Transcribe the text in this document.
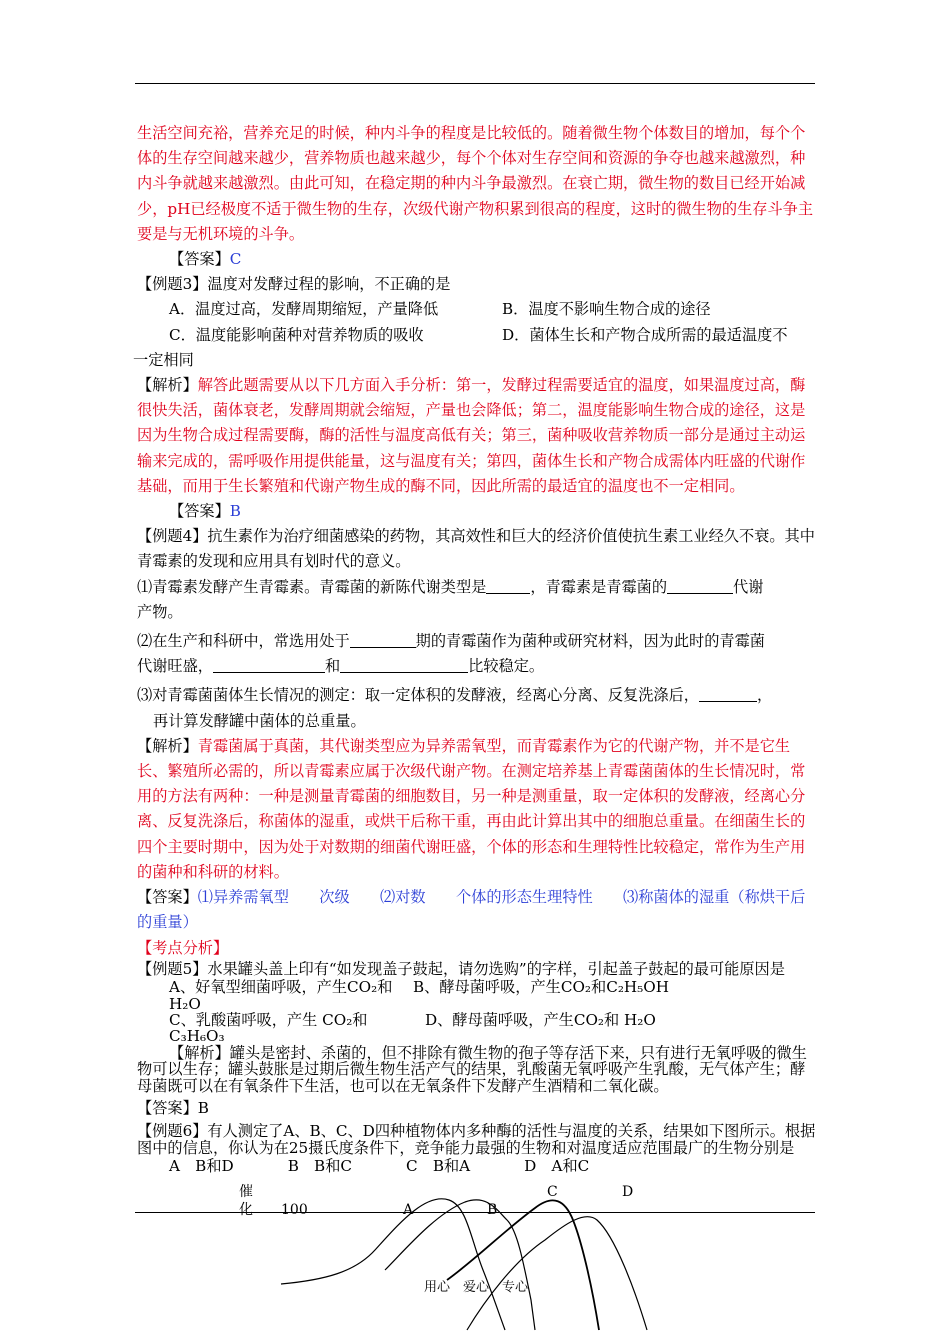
生活空间充裕，营养充足的时候，种内斗争的程度是比较低的。随着微生物个体数目的增加，每个个体的生存空间越来越少，营养物质也越来越少，每个个体对生存空间和资源的争夺也越来越激烈，种内斗争就越来越激烈。由此可知，在稳定期的种内斗争最激烈。在衰亡期，微生物的数目已经开始减少，pH已经极度不适于微生物的生存，次级代谢产物积累到很高的程度，这时的微生物的生存斗争主要是与无机环境的斗争。

【答案】C

【例题3】温度对发酵过程的影响，不正确的是

A．温度过高，发酵周期缩短，产量降低	B．温度不影响生物合成的途径
C．温度能影响菌种对营养物质的吸收	D．菌体生长和产物合成所需的最适温度不

一定相同

【解析】解答此题需要从以下几方面入手分析：第一，发酵过程需要适宜的温度，如果温度过高，酶很快失活，菌体衰老，发酵周期就会缩短，产量也会降低；第二，温度能影响生物合成的途径，这是因为生物合成过程需要酶，酶的活性与温度高低有关；第三，菌种吸收营养物质一部分是通过主动运输来完成的，需呼吸作用提供能量，这与温度有关；第四，菌体生长和产物合成需体内旺盛的代谢作基础，而用于生长繁殖和代谢产物生成的酶不同，因此所需的最适宜的温度也不一定相同。

【答案】B

【例题4】抗生素作为治疗细菌感染的药物，其高效性和巨大的经济价值使抗生素工业经久不衰。其中青霉素的发现和应用具有划时代的意义。

⑴青霉素发酵产生青霉素。青霉菌的新陈代谢类型是	，青霉素是青霉菌的	代谢
产物。

⑵在生产和科研中，常选用处于	期的青霉菌作为菌种或研究材料，因为此时的青霉菌
代谢旺盛，	和	比较稳定。

⑶对青霉菌菌体生长情况的测定：取一定体积的发酵液，经离心分离、反复洗涤后，	，
再计算发酵罐中菌体的总重量。

【解析】青霉菌属于真菌，其代谢类型应为异养需氧型，而青霉素作为它的代谢产物，并不是它生长、繁殖所必需的，所以青霉素应属于次级代谢产物。在测定培养基上青霉菌菌体的生长情况时，常用的方法有两种：一种是测量青霉菌的细胞数目，另一种是测重量，取一定体积的发酵液，经离心分离、反复洗涤后，称菌体的湿重，或烘干后称干重，再由此计算出其中的细胞总重量。在细菌生长的四个主要时期中，因为处于对数期的细菌代谢旺盛，个体的形态和生理特性比较稳定，常作为生产用的菌种和科研的材料。

【答案】⑴异养需氧型　　次级　　⑵对数　　个体的形态生理特性　　⑶称菌体的湿重（称烘干后的重量）

【考点分析】

【例题5】水果罐头盖上印有“如发现盖子鼓起，请勿选购”的字样，引起盖子鼓起的最可能原因是

A、好氧型细菌呼吸，产生CO₂和H₂O
B、酵母菌呼吸，产生CO₂和C₂H₅OH
C、乳酸菌呼吸，产生 CO₂和 C₃H₆O₃
D、酵母菌呼吸，产生CO₂和 H₂O

【解析】罐头是密封、杀菌的，但不排除有微生物的孢子等存活下来，只有进行无氧呼吸的微生物可以生存；罐头鼓胀是过期后微生物生活产气的结果，乳酸菌无氧呼吸产生乳酸，无气体产生；酵母菌既可以在有氧条件下生活，也可以在无氧条件下发酵产生酒精和二氧化碳。

【答案】B

【例题6】有人测定了A、B、C、D四种植物体内多种酶的活性与温度的关系，结果如下图所示。根据图中的信息，你认为在25摄氏度条件下，竞争能力最强的生物和对温度适应范围最广的生物分别是

A　B和D	B　B和C	C　B和A	D　A和C
催
化 100	A	B
C	D
用心　爱心　专心
